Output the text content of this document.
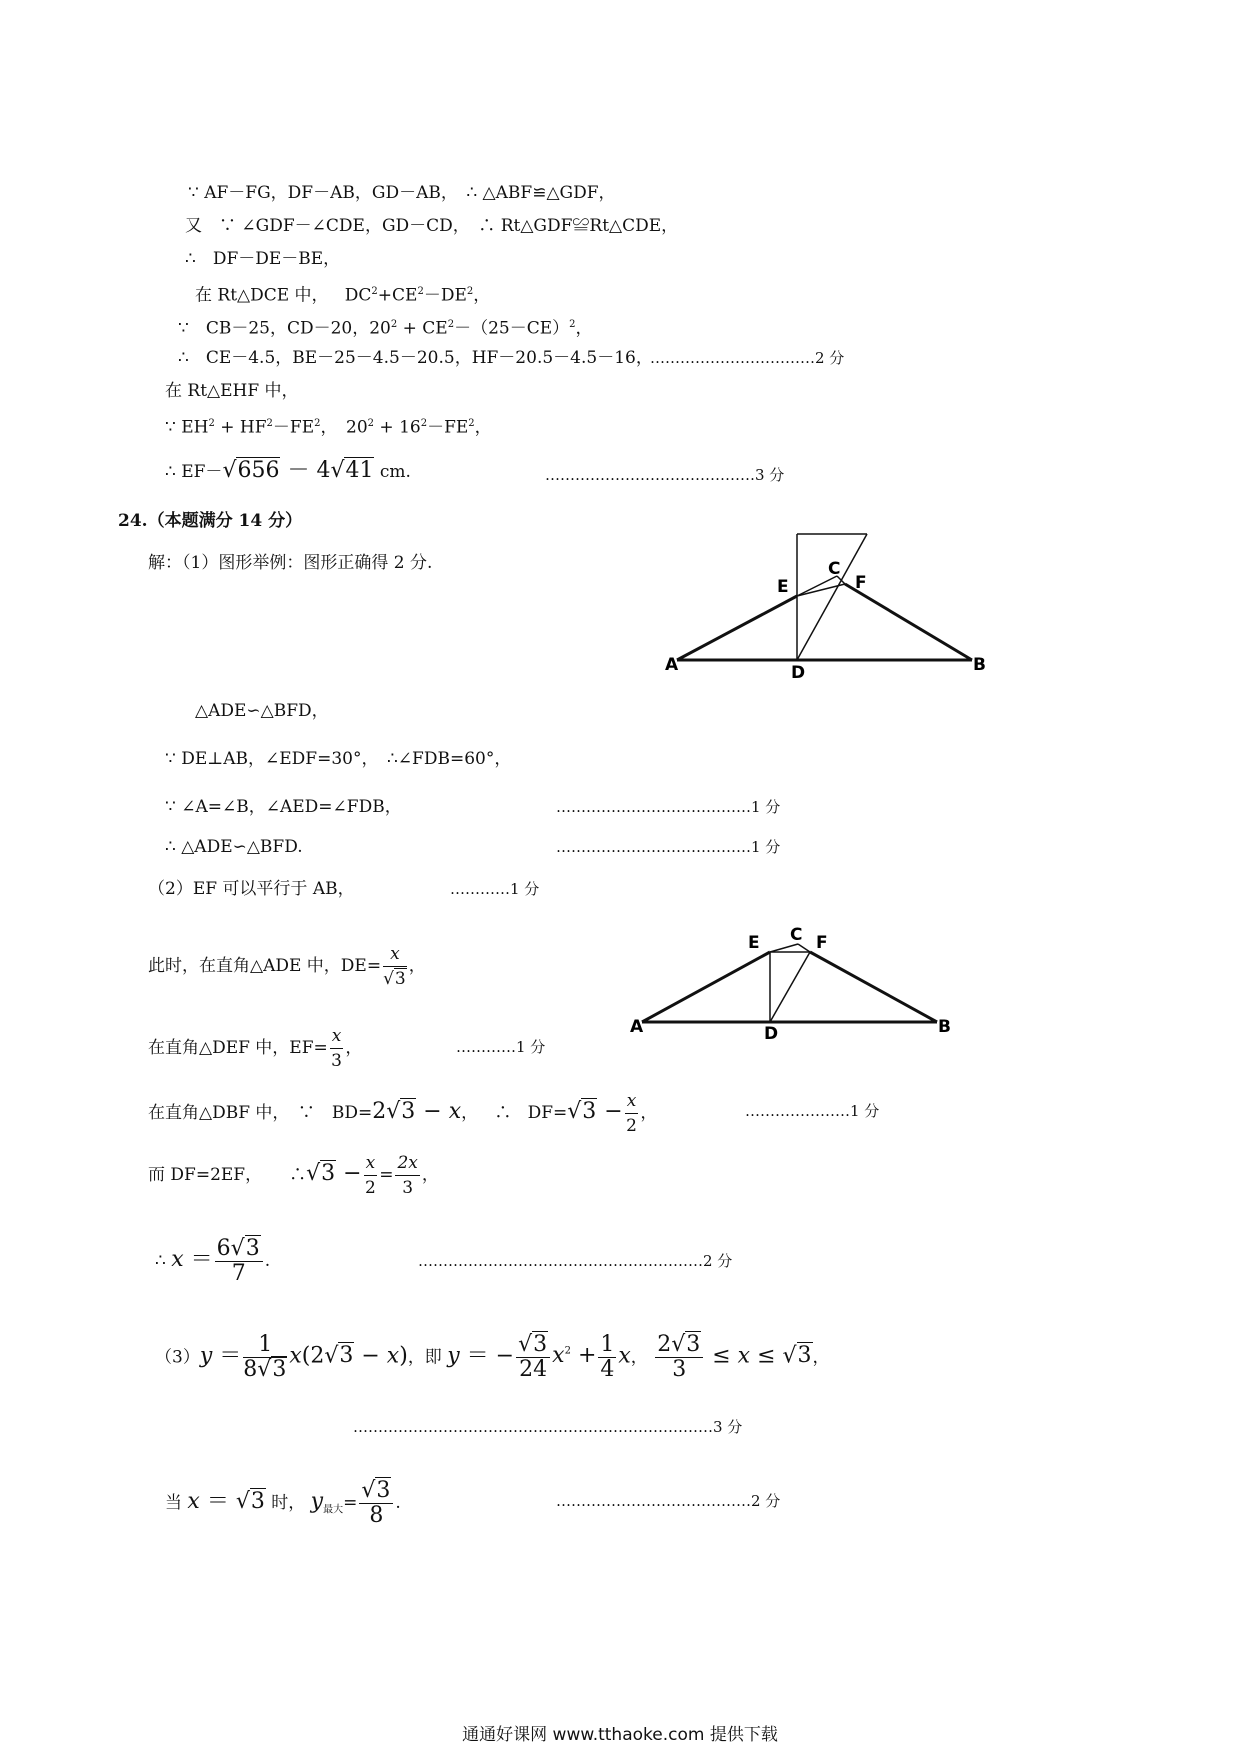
∵ AF－FG，DF－AB，GD－AB，　∴ △ABF≌△GDF，
又　∵ ∠GDF－∠CDE，GD－CD，　∴ Rt△GDF≌Rt△CDE，
∴　DF－DE－BE，
在 Rt△DCE 中， $DC^2+CE^2-DE^2$，
∵　CB－25，CD－20，$20^2 + CE^2-(25-CE)^2$，
∴　CE－4.5，BE－25－4.5－20.5，HF－20.5－4.5－16，
……………………………2 分
在 Rt△EHF 中，
∵ $EH^2 + HF^2-FE^2$，　$20^2 + 16^2-FE^2$，
∴ EF－√656 － 4√41 cm.	……………………………………3 分
24.（本题满分 14 分）
解：（1）图形举例：图形正确得 2 分.
A	B
C
D
E	F
△ADE∽△BFD，
∵ DE⊥AB，∠EDF=30°，　∴∠FDB=60°，
∵ ∠A=∠B，∠AED=∠FDB，	…………………………………1 分
∴ △ADE∽△BFD.	…………………………………1 分
（2）EF 可以平行于 AB，	…………1 分
A	B
C
D
E	F
此时，在直角△ADE 中，$DE= \frac{x}{√3}$ ，
在直角△DEF 中，$EF= \frac{x}{3}$ ，	…………1 分
在直角△DBF 中，　∵　BD=2√3 − x，   ∴   $DF=√3 - \frac{x}{2}$ ，	…………………1 分
而 DF=2EF，     ∴√3 − $\frac{x}{2} = \frac{2x}{3}$ ，
∴ $x = \frac{6√3}{7}$ .	…………………………………………………2 分
$(3)y = \frac{1}{8√3} x(2√3 - x)$，即 y ＝ − $\frac{√3}{24} x^2 + \frac{1}{4}$ x， $\frac{2√3}{3} \le x \le √3$，
………………………………………………………………3 分
当 x ＝ √3 时， $y_{最大}= \frac{√3}{8}$ .	…………………………………2 分
通通好课网 www.tthaoke.com 提供下载
